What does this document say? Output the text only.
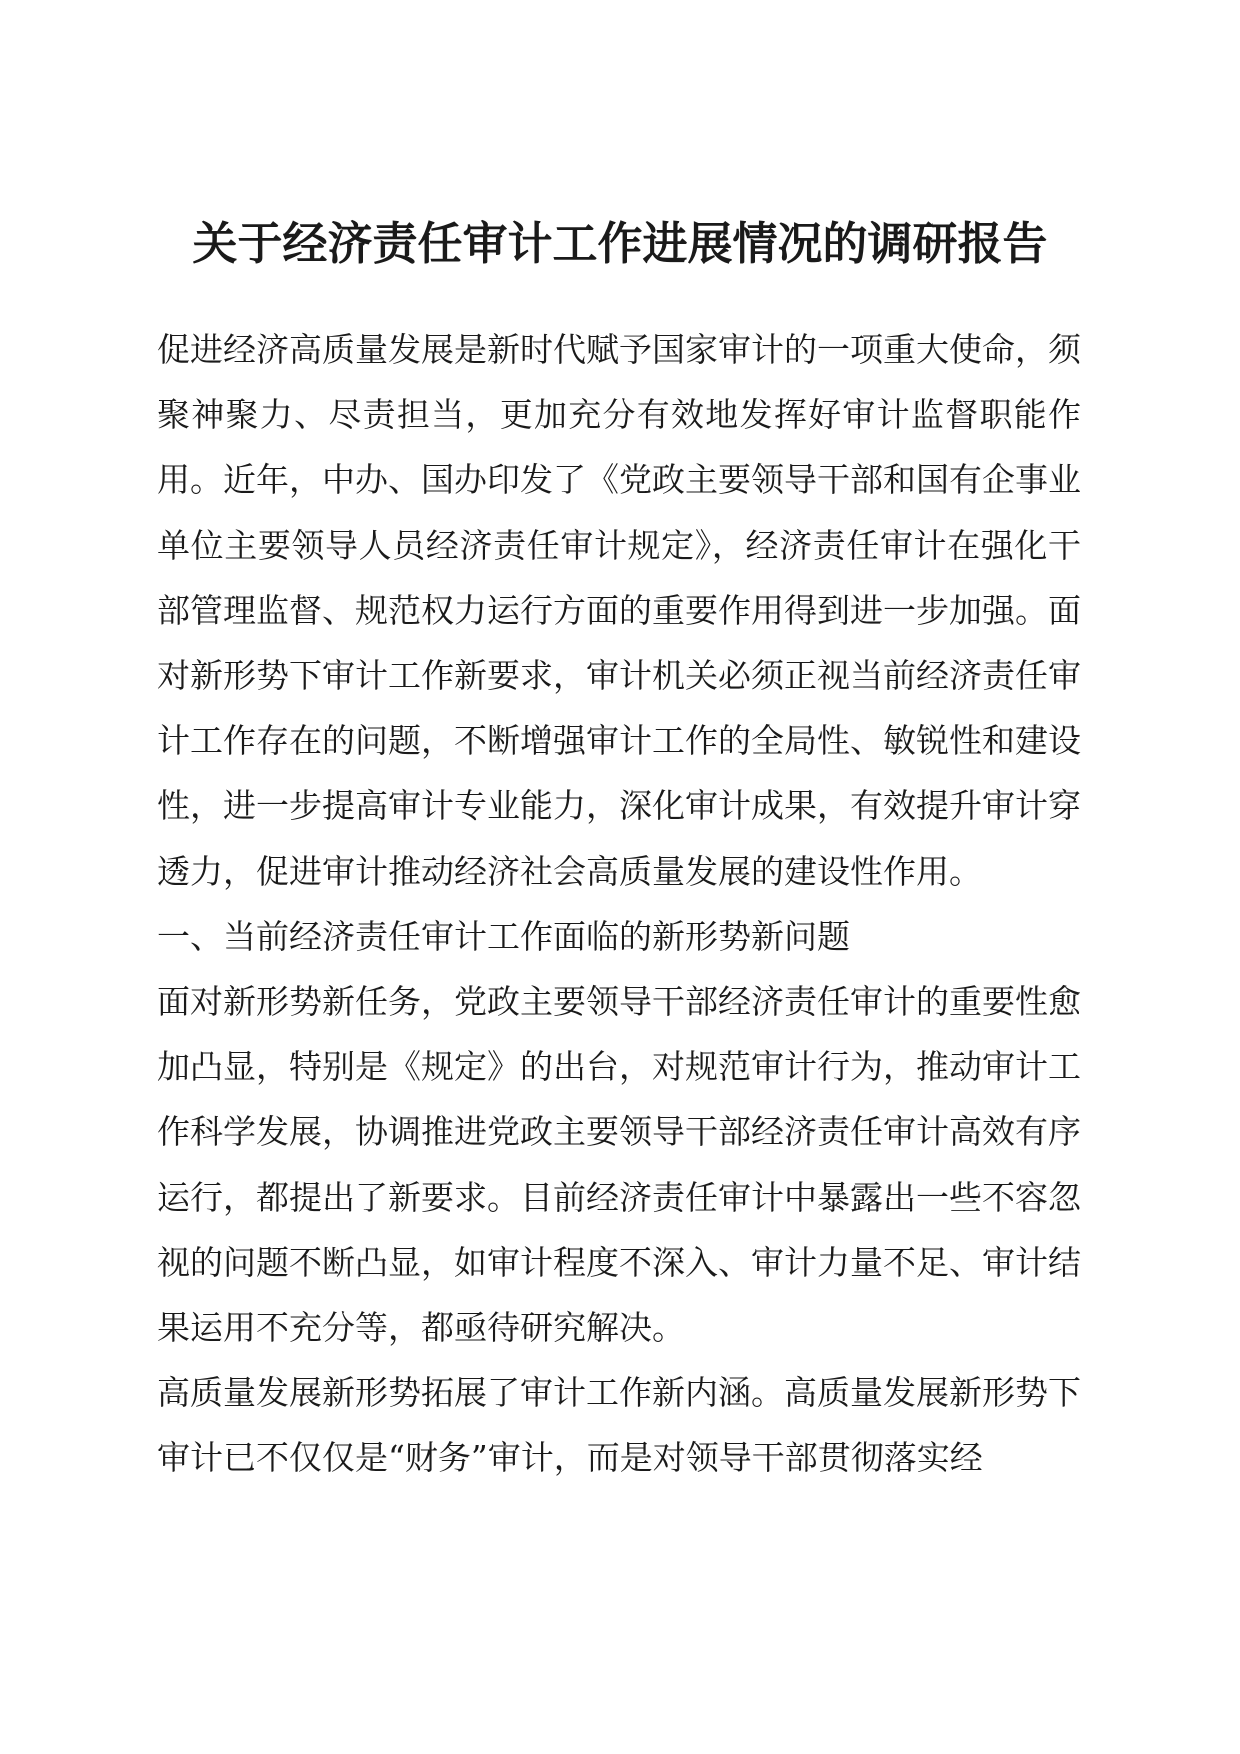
关于经济责任审计工作进展情况的调研报告

促进经济高质量发展是新时代赋予国家审计的一项重大使命，须聚神聚力、尽责担当，更加充分有效地发挥好审计监督职能作用。近年，中办、国办印发了《党政主要领导干部和国有企事业单位主要领导人员经济责任审计规定》，经济责任审计在强化干部管理监督、规范权力运行方面的重要作用得到进一步加强。面对新形势下审计工作新要求，审计机关必须正视当前经济责任审计工作存在的问题，不断增强审计工作的全局性、敏锐性和建设性，进一步提高审计专业能力，深化审计成果，有效提升审计穿透力，促进审计推动经济社会高质量发展的建设性作用。

一、当前经济责任审计工作面临的新形势新问题

面对新形势新任务，党政主要领导干部经济责任审计的重要性愈加凸显，特别是《规定》的出台，对规范审计行为，推动审计工作科学发展，协调推进党政主要领导干部经济责任审计高效有序运行，都提出了新要求。目前经济责任审计中暴露出一些不容忽视的问题不断凸显，如审计程度不深入、审计力量不足、审计结果运用不充分等，都亟待研究解决。

高质量发展新形势拓展了审计工作新内涵。高质量发展新形势下审计已不仅仅是“财务”审计，而是对领导干部贯彻落实经
